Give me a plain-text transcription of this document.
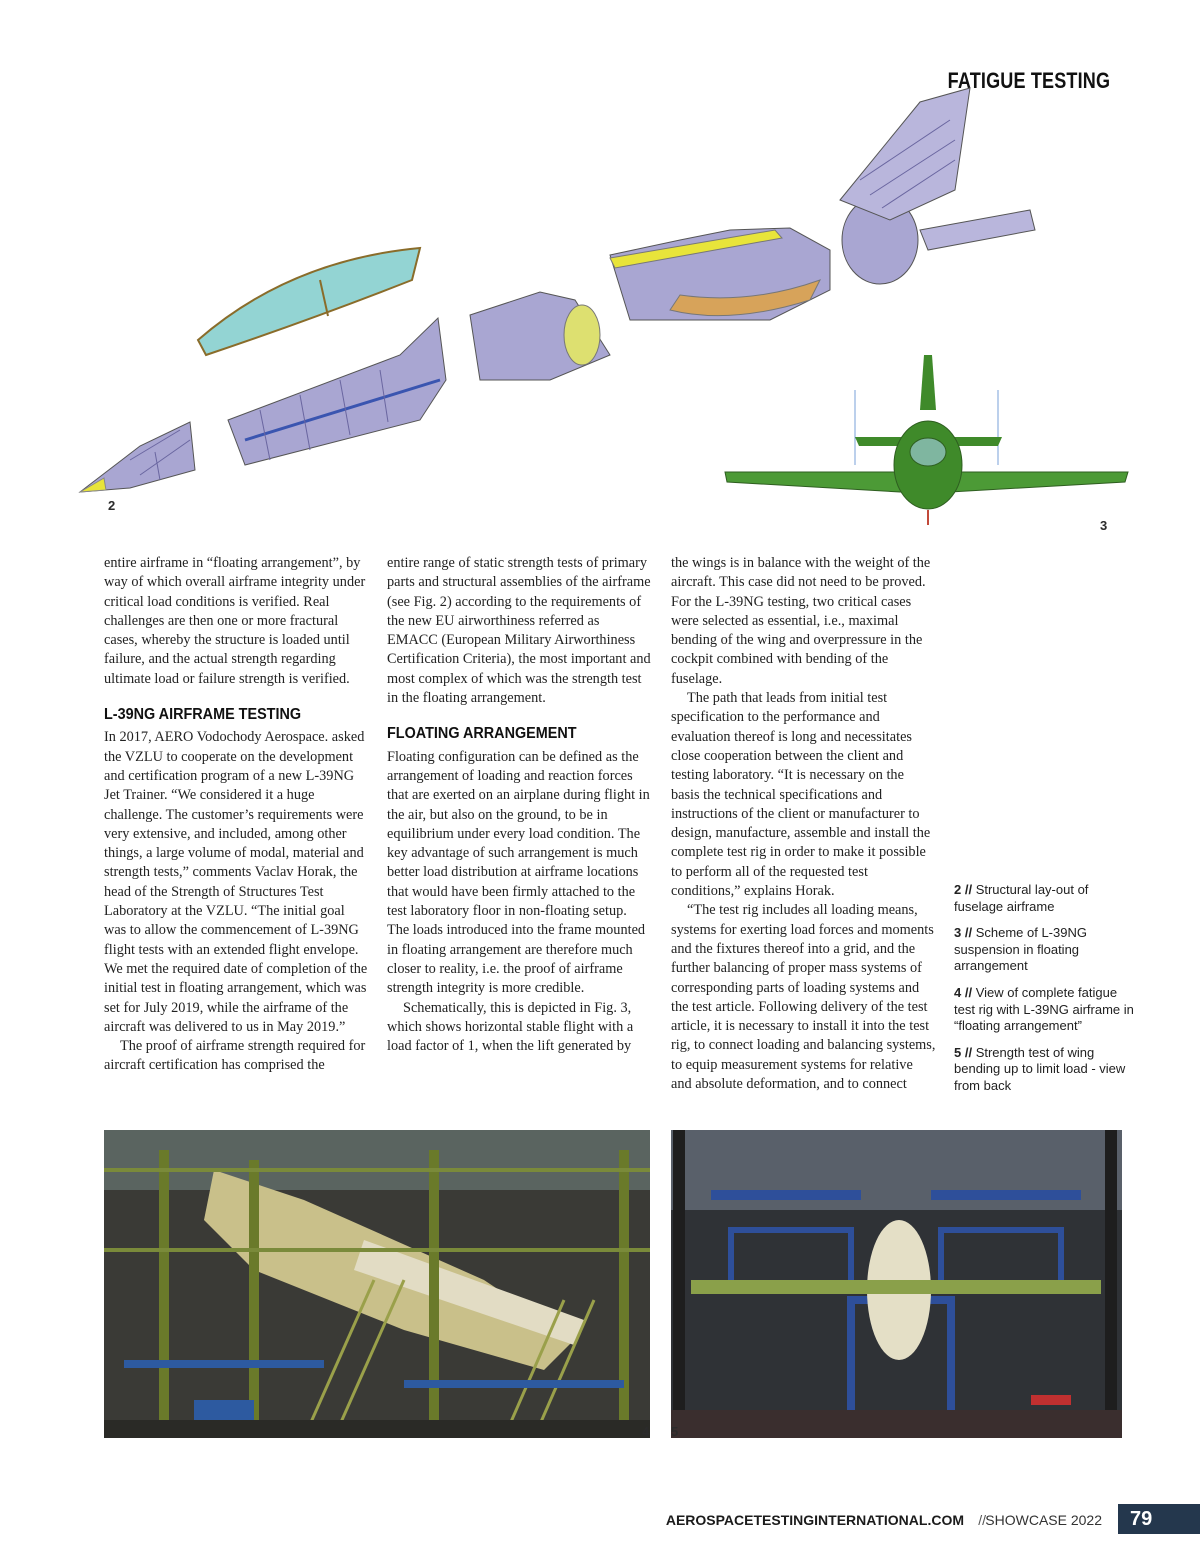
FATIGUE TESTING
2
3

entire airframe in “floating arrangement”, by way of which overall airframe integrity under critical load conditions is verified. Real challenges are then one or more fractural cases, whereby the structure is loaded until failure, and the actual strength regarding ultimate load or failure strength is verified.

L-39NG AIRFRAME TESTING

In 2017, AERO Vodochody Aerospace. asked the VZLU to cooperate on the development and certification program of a new L-39NG Jet Trainer. “We considered it a huge challenge. The customer’s requirements were very extensive, and included, among other things, a large volume of modal, material and strength tests,” comments Vaclav Horak, the head of the Strength of Structures Test Laboratory at the VZLU. “The initial goal was to allow the commencement of L-39NG flight tests with an extended flight envelope. We met the required date of completion of the initial test in floating arrangement, which was set for July 2019, while the airframe of the aircraft was delivered to us in May 2019.”

The proof of airframe strength required for aircraft certification has comprised the

entire range of static strength tests of primary parts and structural assemblies of the airframe (see Fig. 2) according to the requirements of the new EU airworthiness referred as EMACC (European Military Airworthiness Certification Criteria), the most important and most complex of which was the strength test in the floating arrangement.

FLOATING ARRANGEMENT

Floating configuration can be defined as the arrangement of loading and reaction forces that are exerted on an airplane during flight in the air, but also on the ground, to be in equilibrium under every load condition. The key advantage of such arrangement is much better load distribution at airframe locations that would have been firmly attached to the test laboratory floor in non-floating setup. The loads introduced into the frame mounted in floating arrangement are therefore much closer to reality, i.e. the proof of airframe strength integrity is more credible.

Schematically, this is depicted in Fig. 3, which shows horizontal stable flight with a load factor of 1, when the lift generated by

the wings is in balance with the weight of the aircraft. This case did not need to be proved. For the L-39NG testing, two critical cases were selected as essential, i.e., maximal bending of the wing and overpressure in the cockpit combined with bending of the fuselage.

The path that leads from initial test specification to the performance and evaluation thereof is long and necessitates close cooperation between the client and testing laboratory. “It is necessary on the basis the technical specifications and instructions of the client or manufacturer to design, manufacture, assemble and install the complete test rig in order to make it possible to perform all of the requested test conditions,” explains Horak.

“The test rig includes all loading means, systems for exerting load forces and moments and the fixtures thereof into a grid, and the further balancing of proper mass systems of corresponding parts of loading systems and the test article. Following delivery of the test article, it is necessary to install it into the test rig, to connect loading and balancing systems, to equip measurement systems for relative and absolute deformation, and to connect

2 // Structural lay-out of fuselage airframe
3 // Scheme of L-39NG suspension in floating arrangement
4 // View of complete fatigue test rig with L-39NG airframe in “floating arrangement”
5 // Strength test of wing bending up to limit load - view from back
4 5
AEROSPACETESTINGINTERNATIONAL.COM // SHOWCASE 2022	79
